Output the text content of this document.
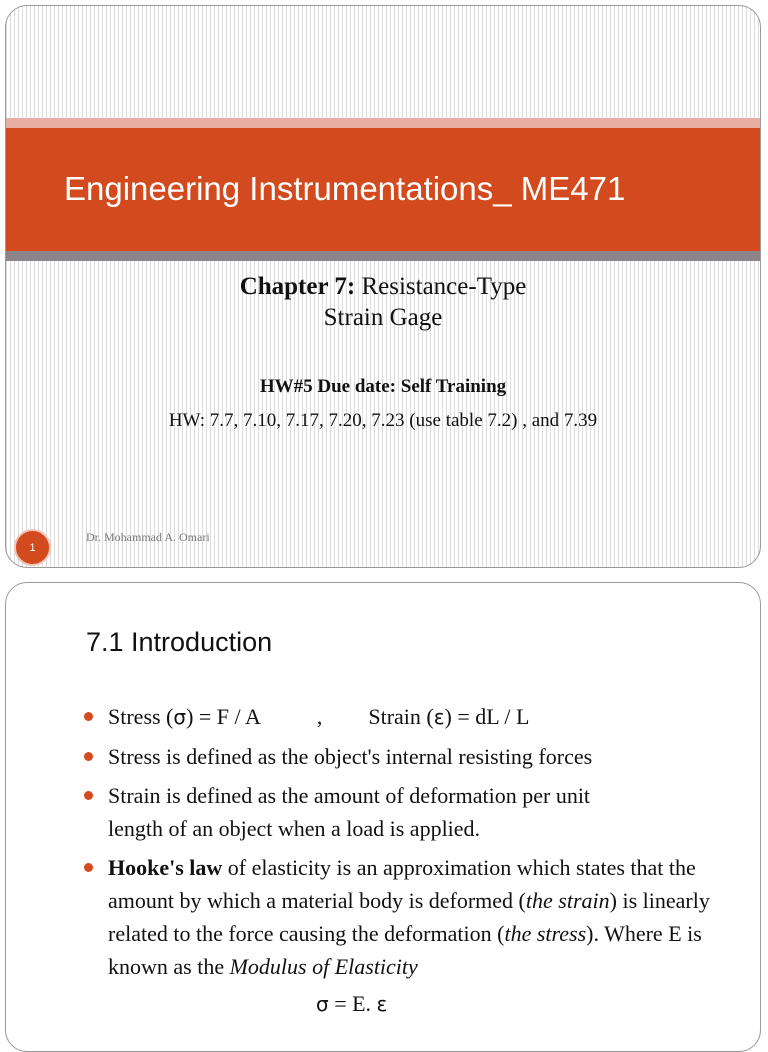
Engineering Instrumentations_ ME471
Chapter 7: Resistance-Type
Strain Gage
HW#5 Due date: Self Training
HW: 7.7, 7.10, 7.17, 7.20, 7.23 (use table 7.2) , and 7.39
1
Dr. Mohammad A. Omari
7.1 Introduction
Stress (σ) = F / A	, Strain (ε) = dL / L
Stress is defined as the object's internal resisting forces
Strain is defined as the amount of deformation per unit
length of an object when a load is applied.
Hooke's law of elasticity is an approximation which states that the amount by which a material body is deformed (the strain) is linearly related to the force causing the deformation (the stress). Where E is known as the Modulus of Elasticity
σ = E. ε
